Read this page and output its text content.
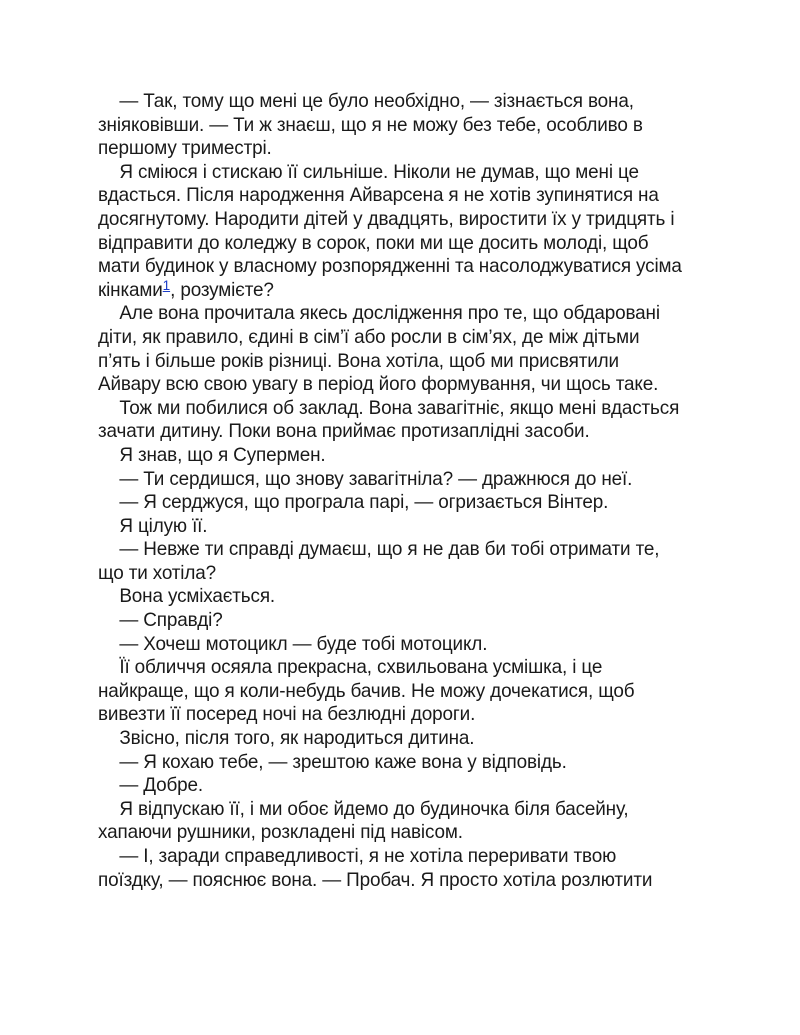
— Так, тому що мені це було необхідно, — зізнається вона, зніяковівши. — Ти ж знаєш, що я не можу без тебе, особливо в першому триместрі.

Я сміюся і стискаю її сильніше. Ніколи не думав, що мені це вдасться. Після народження Айварсена я не хотів зупинятися на досягнутому. Народити дітей у двадцять, виростити їх у тридцять і відправити до коледжу в сорок, поки ми ще досить молоді, щоб мати будинок у власному розпорядженні та насолоджуватися усіма кінками$^1$, розумієте?

Але вона прочитала якесь дослідження про те, що обдаровані діти, як правило, єдині в сім’ї або росли в сім’ях, де між дітьми п’ять і більше років різниці. Вона хотіла, щоб ми присвятили Айвару всю свою увагу в період його формування, чи щось таке.

Тож ми побилися об заклад. Вона завагітніє, якщо мені вдасться зачати дитину. Поки вона приймає протизаплідні засоби.

Я знав, що я Супермен.

— Ти сердишся, що знову завагітніла? — дражнюся до неї.

— Я серджуся, що програла парі, — огризається Вінтер.

Я цілую її.

— Невже ти справді думаєш, що я не дав би тобі отримати те, що ти хотіла?

Вона усміхається.

— Справді?

— Хочеш мотоцикл — буде тобі мотоцикл.

Її обличчя осяяла прекрасна, схвильована усмішка, і це найкраще, що я коли-небудь бачив. Не можу дочекатися, щоб вивезти її посеред ночі на безлюдні дороги.

Звісно, після того, як народиться дитина.

— Я кохаю тебе, — зрештою каже вона у відповідь.

— Добре.

Я відпускаю її, і ми обоє йдемо до будиночка біля басейну, хапаючи рушники, розкладені під навісом.

— І, заради справедливості, я не хотіла переривати твою поїздку, — пояснює вона. — Пробач. Я просто хотіла розлютити
